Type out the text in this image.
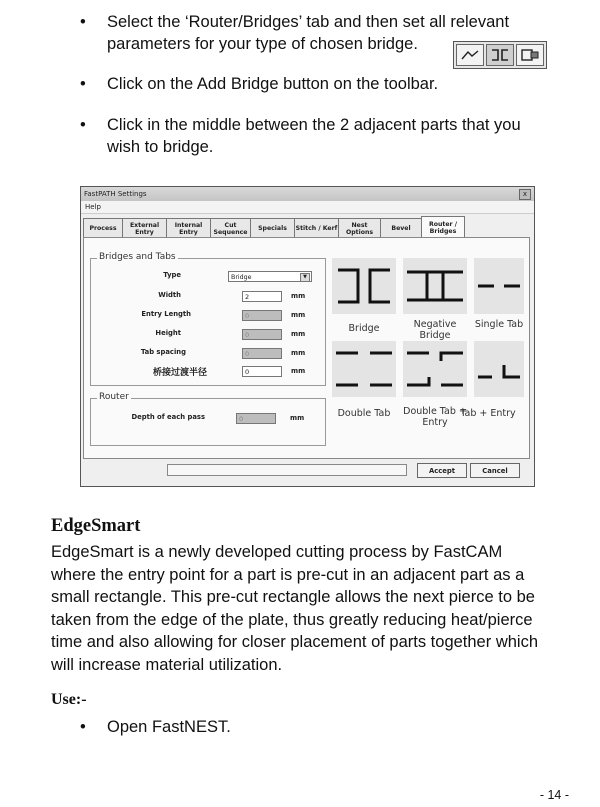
• Select the ‘Router/Bridges’ tab and then set all relevant parameters for your type of chosen bridge.
• Click on the Add Bridge button on the toolbar.
• Click in the middle between the 2 adjacent parts that you wish to bridge.
FastPATH Settings	x
Help
Process	External Entry
Internal Entry
Cut Sequence	Specials	Stitch / Kerf	Nest Options	Bevel
Router / Bridges
Bridges and Tabs
Type	Bridge	▼
Width	2	mm
Entry Length	0	mm
Height	0	mm
Tab spacing	0	mm
桥接过渡半径	0	mm
Router
Depth of each pass	0	mm
Bridge	Negative Bridge
Single Tab
Double Tab	Double Tab + Entry
Tab + Entry
Accept	Cancel
EdgeSmart
EdgeSmart is a newly developed cutting process by FastCAM where the entry point for a part is pre-cut in an adjacent part as a small rectangle. This pre-cut rectangle allows the next pierce to be taken from the edge of the plate, thus greatly reducing heat/pierce time and also allowing for closer placement of parts together which will increase material utilization.
Use:-
• Open FastNEST.
- 14 -
